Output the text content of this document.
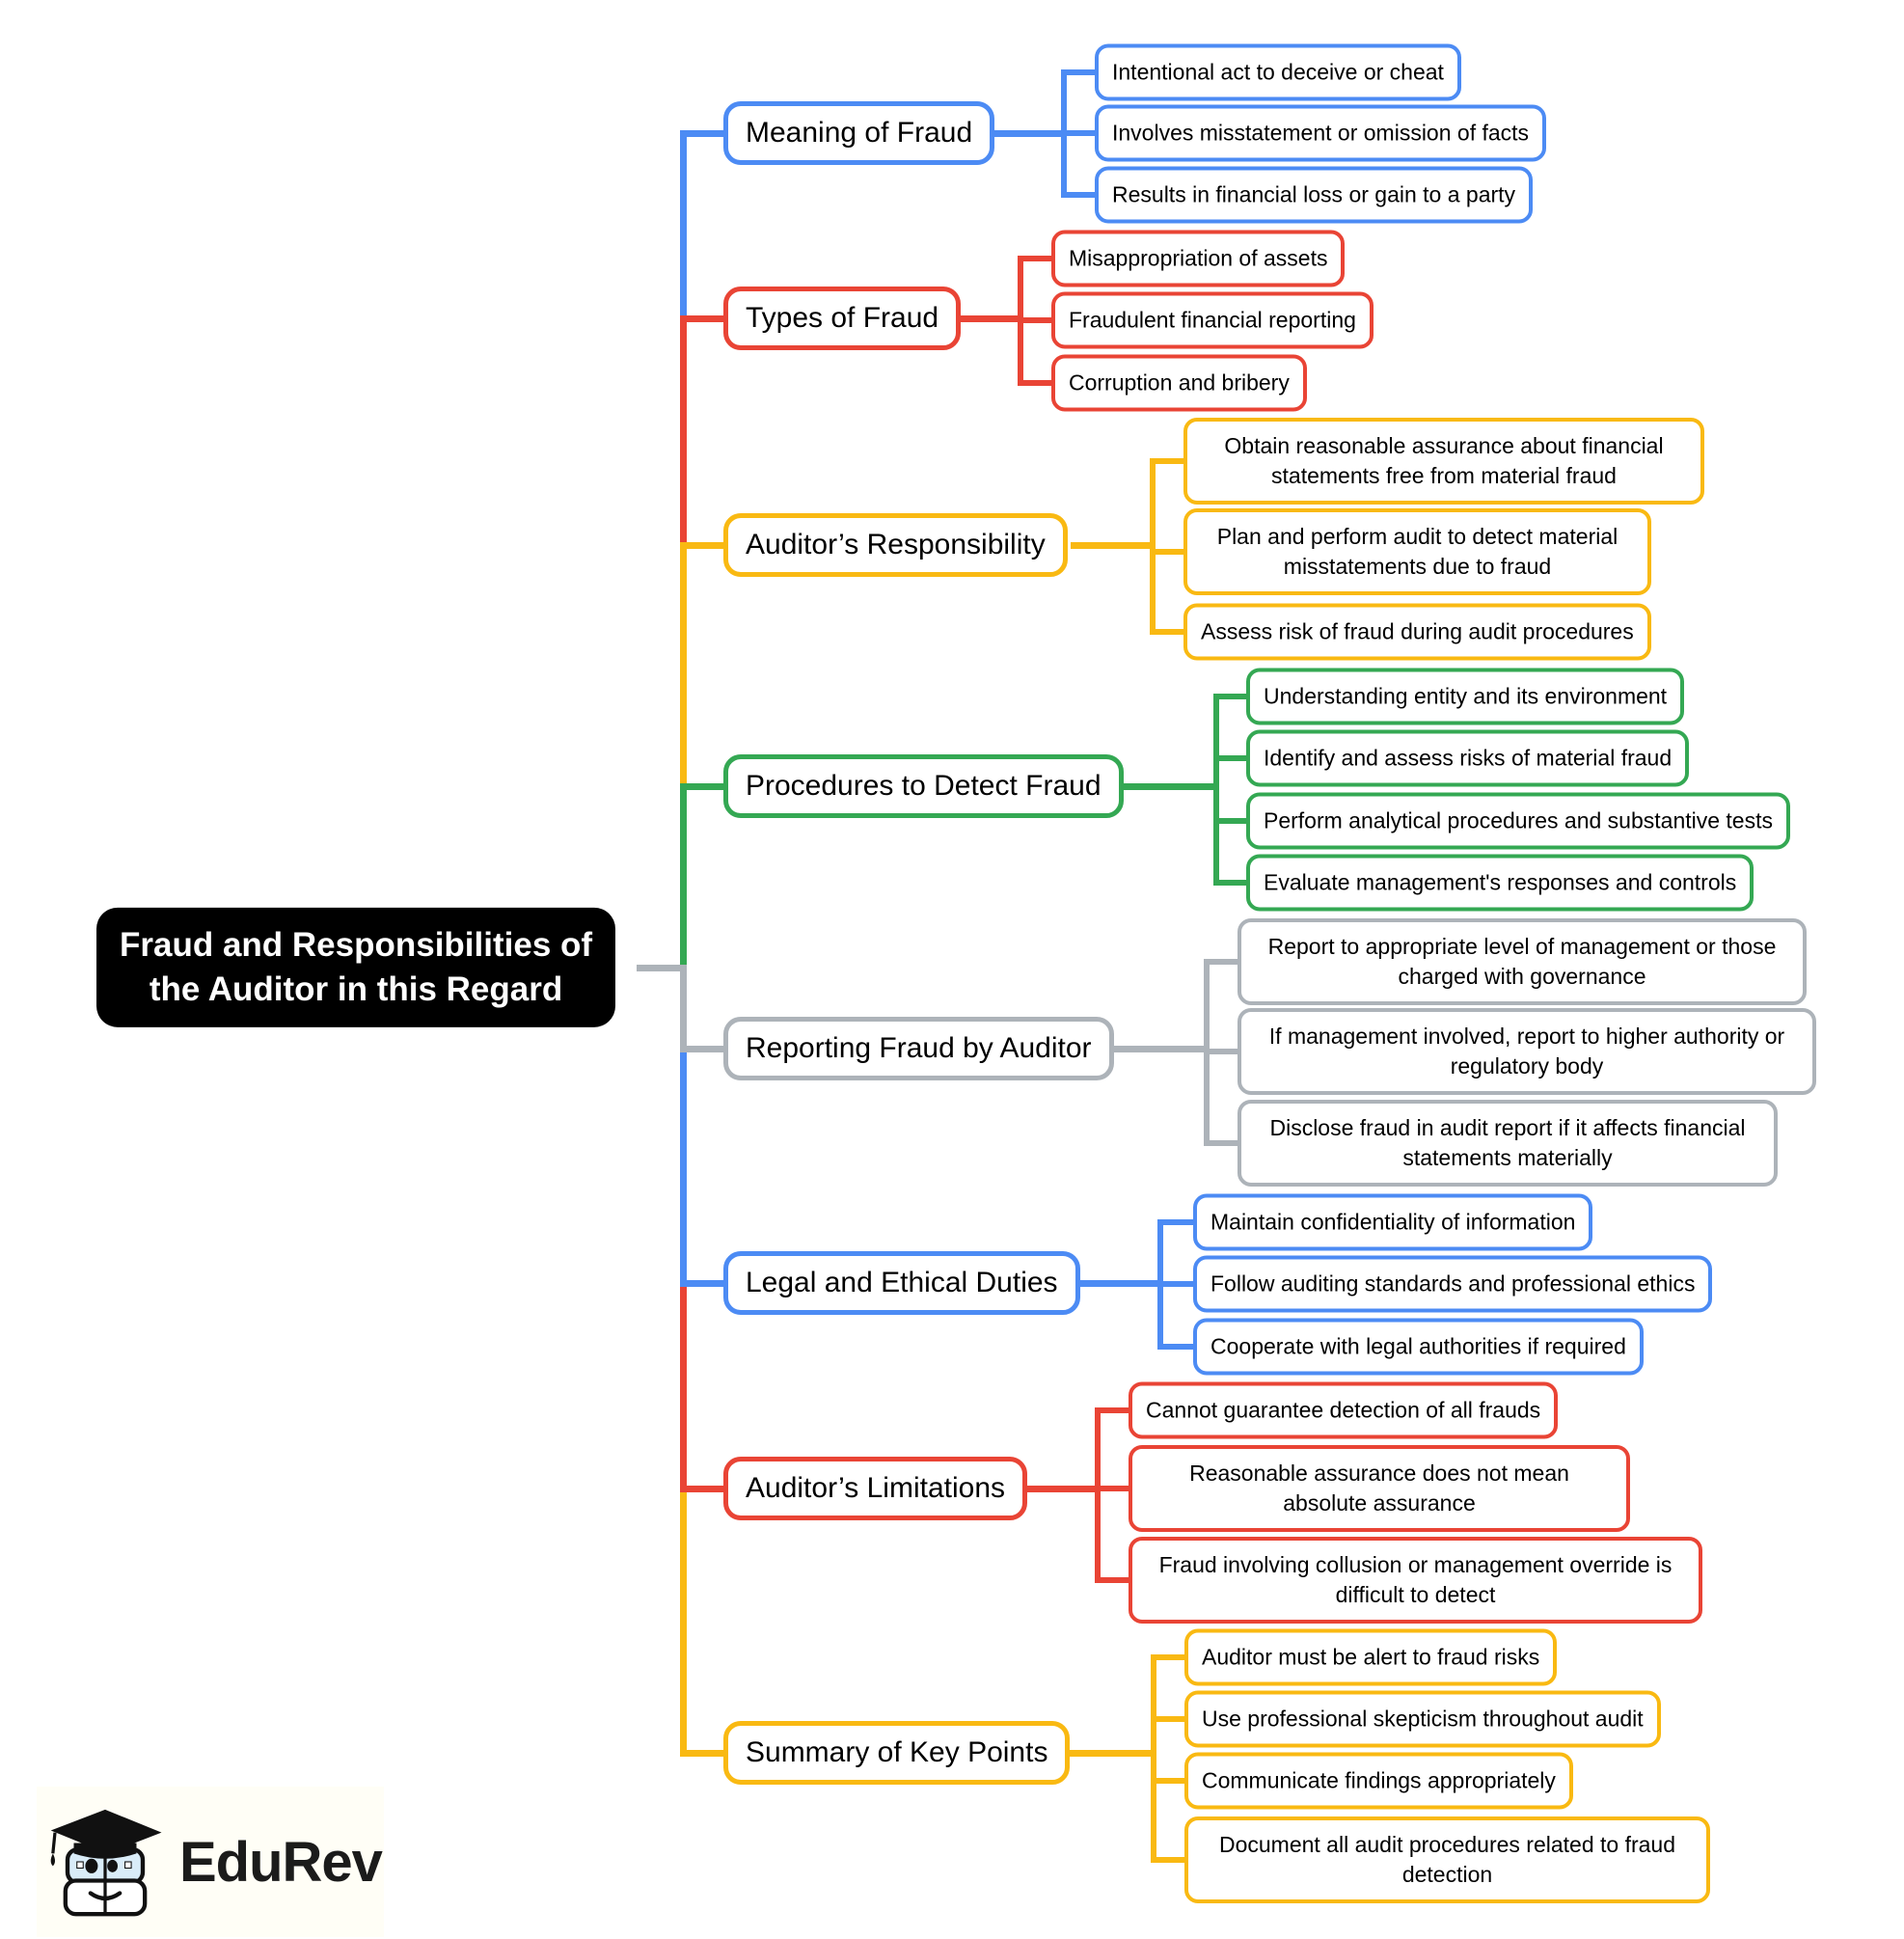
Meaning of Fraud
Intentional act to deceive or cheat
Involves misstatement or omission of facts
Results in financial loss or gain to a party
Types of Fraud
Misappropriation of assets
Fraudulent financial reporting
Corruption and bribery
Auditor’s Responsibility
Obtain reasonable assurance about financial statements free from material fraud
Plan and perform audit to detect material misstatements due to fraud
Assess risk of fraud during audit procedures
Procedures to Detect Fraud
Understanding entity and its environment
Identify and assess risks of material fraud
Perform analytical procedures and substantive tests
Evaluate management's responses and controls
Reporting Fraud by Auditor
Report to appropriate level of management or those charged with governance
If management involved, report to higher authority or regulatory body
Disclose fraud in audit report if it affects financial statements materially
Legal and Ethical Duties
Maintain confidentiality of information
Follow auditing standards and professional ethics
Cooperate with legal authorities if required
Auditor’s Limitations
Cannot guarantee detection of all frauds
Reasonable assurance does not mean absolute assurance
Fraud involving collusion or management override is difficult to detect
Summary of Key Points
Auditor must be alert to fraud risks
Use professional skepticism throughout audit
Communicate findings appropriately
Document all audit procedures related to fraud detection
Fraud and Responsibilities of
the Auditor in this Regard
EduRev
